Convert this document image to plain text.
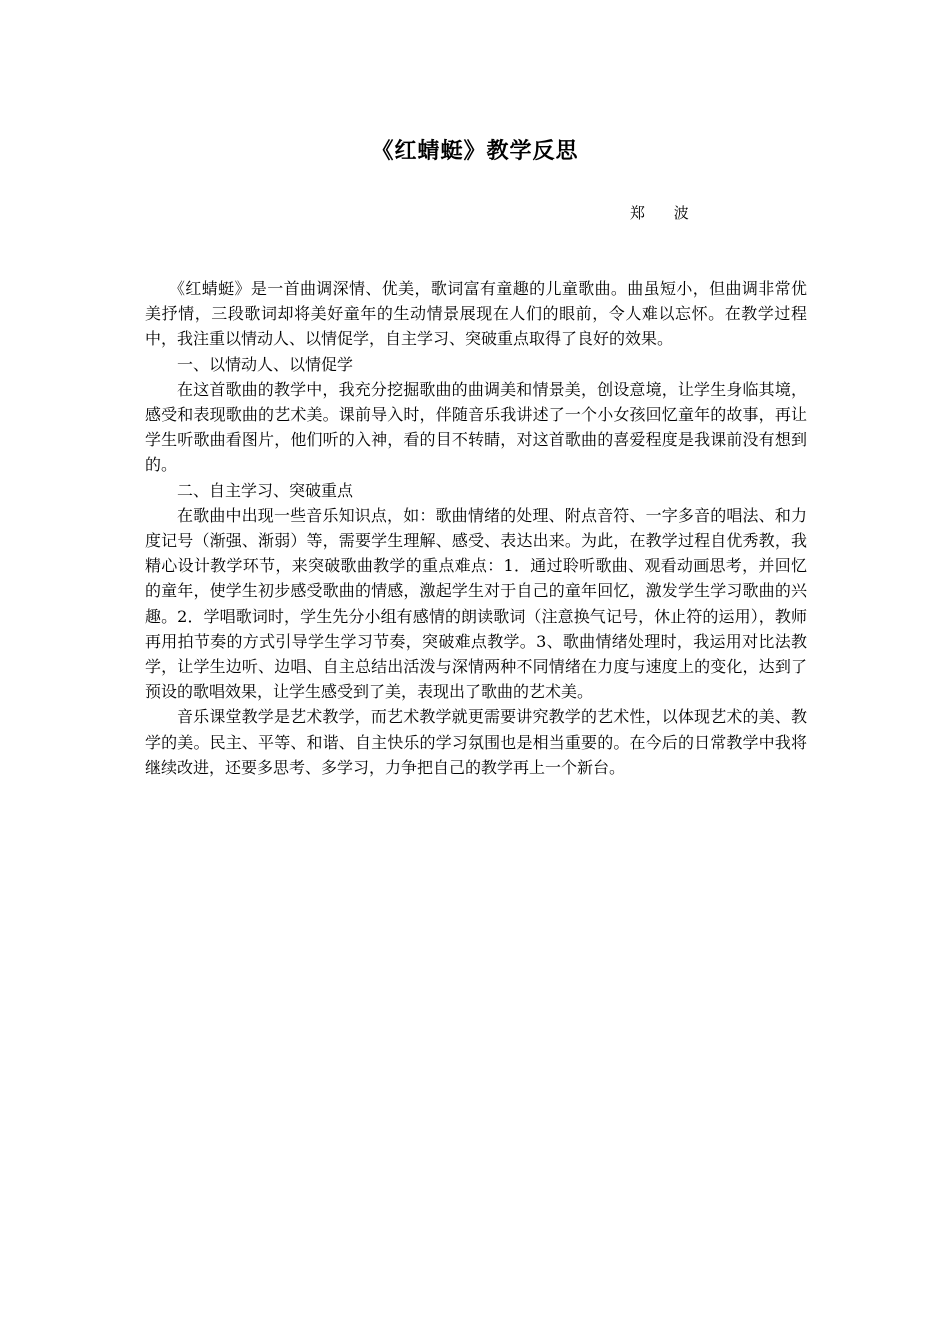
《红蜻蜓》教学反思
郑 波

《红蜻蜓》是一首曲调深情、优美，歌词富有童趣的儿童歌曲。曲虽短小，但曲调非常优美抒情，三段歌词却将美好童年的生动情景展现在人们的眼前，令人难以忘怀。在教学过程中，我注重以情动人、以情促学，自主学习、突破重点取得了良好的效果。

一、以情动人、以情促学

在这首歌曲的教学中，我充分挖掘歌曲的曲调美和情景美，创设意境，让学生身临其境，感受和表现歌曲的艺术美。课前导入时，伴随音乐我讲述了一个小女孩回忆童年的故事，再让学生听歌曲看图片，他们听的入神，看的目不转睛，对这首歌曲的喜爱程度是我课前没有想到的。

二、自主学习、突破重点

在歌曲中出现一些音乐知识点，如：歌曲情绪的处理、附点音符、一字多音的唱法、和力度记号（渐强、渐弱）等，需要学生理解、感受、表达出来。为此，在教学过程自优秀教，我精心设计教学环节，来突破歌曲教学的重点难点：1．通过聆听歌曲、观看动画思考，并回忆的童年，使学生初步感受歌曲的情感，激起学生对于自己的童年回忆，激发学生学习歌曲的兴趣。2．学唱歌词时，学生先分小组有感情的朗读歌词（注意换气记号，休止符的运用），教师再用拍节奏的方式引导学生学习节奏，突破难点教学。3、歌曲情绪处理时，我运用对比法教学，让学生边听、边唱、自主总结出活泼与深情两种不同情绪在力度与速度上的变化，达到了预设的歌唱效果，让学生感受到了美，表现出了歌曲的艺术美。

音乐课堂教学是艺术教学，而艺术教学就更需要讲究教学的艺术性，以体现艺术的美、教学的美。民主、平等、和谐、自主快乐的学习氛围也是相当重要的。在今后的日常教学中我将继续改进，还要多思考、多学习，力争把自己的教学再上一个新台。
